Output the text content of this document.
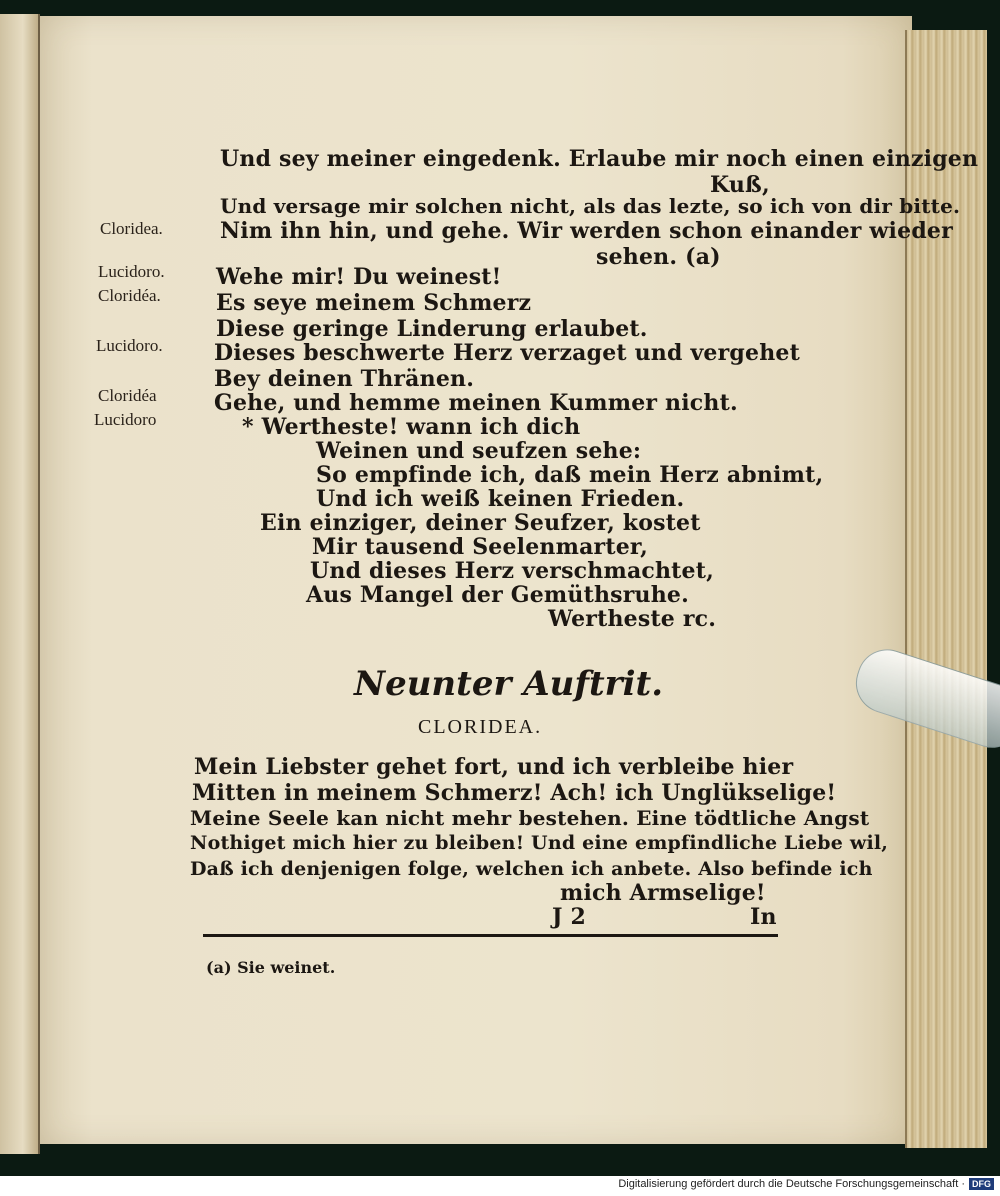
Und sey meiner eingedenk. Erlaube mir noch einen einzigen
Kuß,
Und versage mir solchen nicht, als das lezte, so ich von dir bitte.
Cloridea.	Nim ihn hin, und gehe. Wir werden schon einander wieder
sehen. (a)
Lucidoro. Wehe mir! Du weinest!
Cloridéa.	Es seye meinem Schmerz
Diese geringe Linderung erlaubet.
Lucidoro. Dieses beschwerte Herz verzaget und vergehet
Bey deinen Thränen.
Cloridéa	Gehe, und hemme meinen Kummer nicht.
Lucidoro	* Wertheste! wann ich dich
Weinen und seufzen sehe:
So empfinde ich, daß mein Herz abnimt,
Und ich weiß keinen Frieden.
Ein einziger, deiner Seufzer, kostet
Mir tausend Seelenmarter,
Und dieses Herz verschmachtet,
Aus Mangel der Gemüthsruhe.
Wertheste rc.
Neunter Auftrit.
CLORIDEA.
Mein Liebster gehet fort, und ich verbleibe hier
Mitten in meinem Schmerz! Ach! ich Unglükselige!
Meine Seele kan nicht mehr bestehen. Eine tödtliche Angst
Nothiget mich hier zu bleiben! Und eine empfindliche Liebe wil,
Daß ich denjenigen folge, welchen ich anbete. Also befinde ich
mich Armselige!
J 2	In
(a) Sie weinet.
Digitalisierung gefördert durch die Deutsche Forschungsgemeinschaft · DFG
